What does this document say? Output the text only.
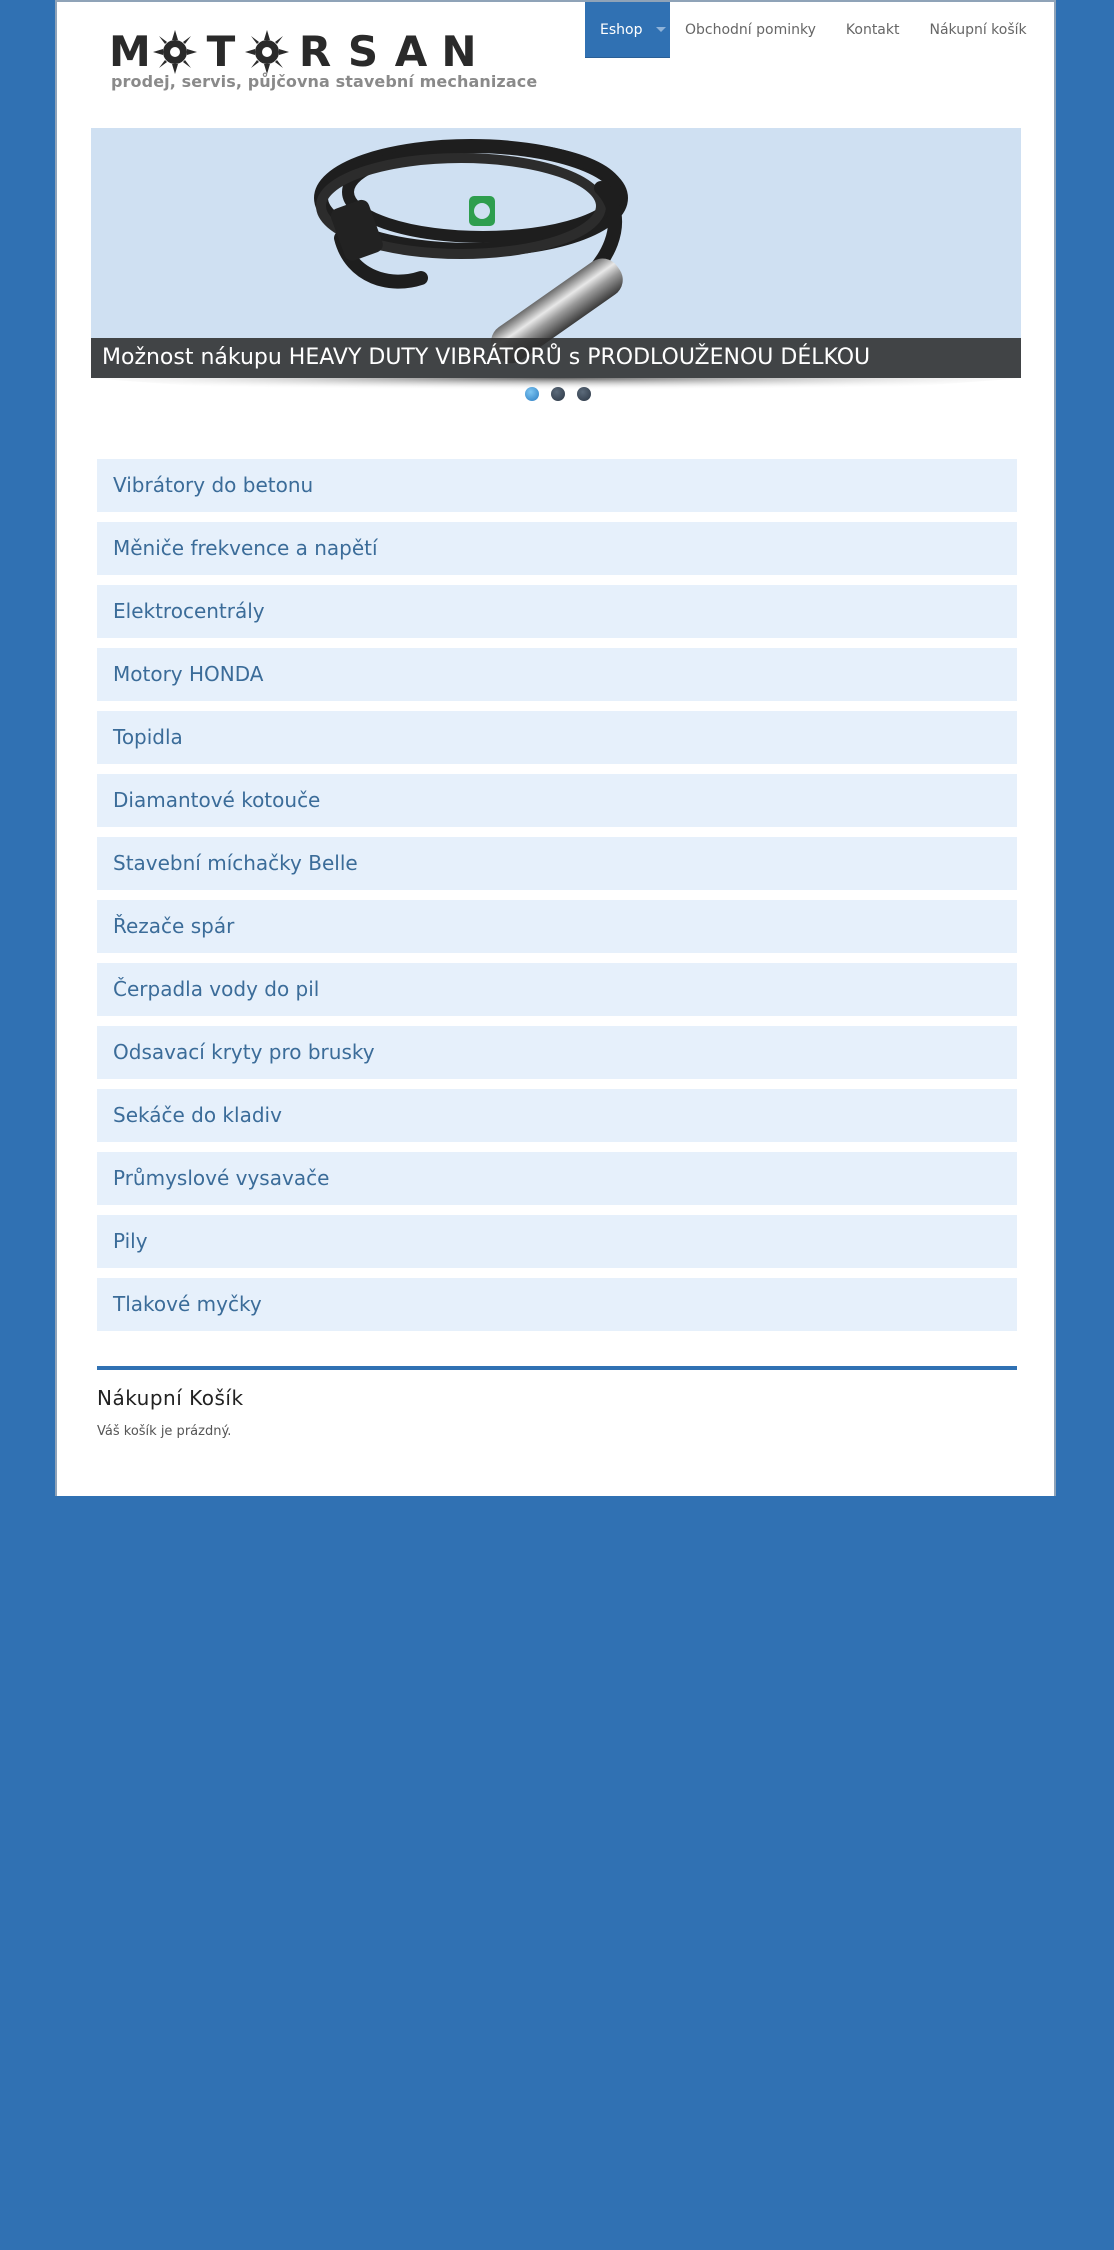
M T R S A N
prodej, servis, půjčovna stavební mechanizace
Eshop	Obchodní pominky Kontakt Nákupní košík
Možnost nákupu HEAVY DUTY VIBRÁTORŮ s PRODLOUŽENOU DÉLKOU
Vibrátory do betonu
Měniče frekvence a napětí
Elektrocentrály
Motory HONDA
Topidla
Diamantové kotouče
Stavební míchačky Belle
Řezače spár
Čerpadla vody do pil
Odsavací kryty pro brusky
Sekáče do kladiv
Průmyslové vysavače
Pily
Tlakové myčky
Nákupní Košík
Váš košík je prázdný.
